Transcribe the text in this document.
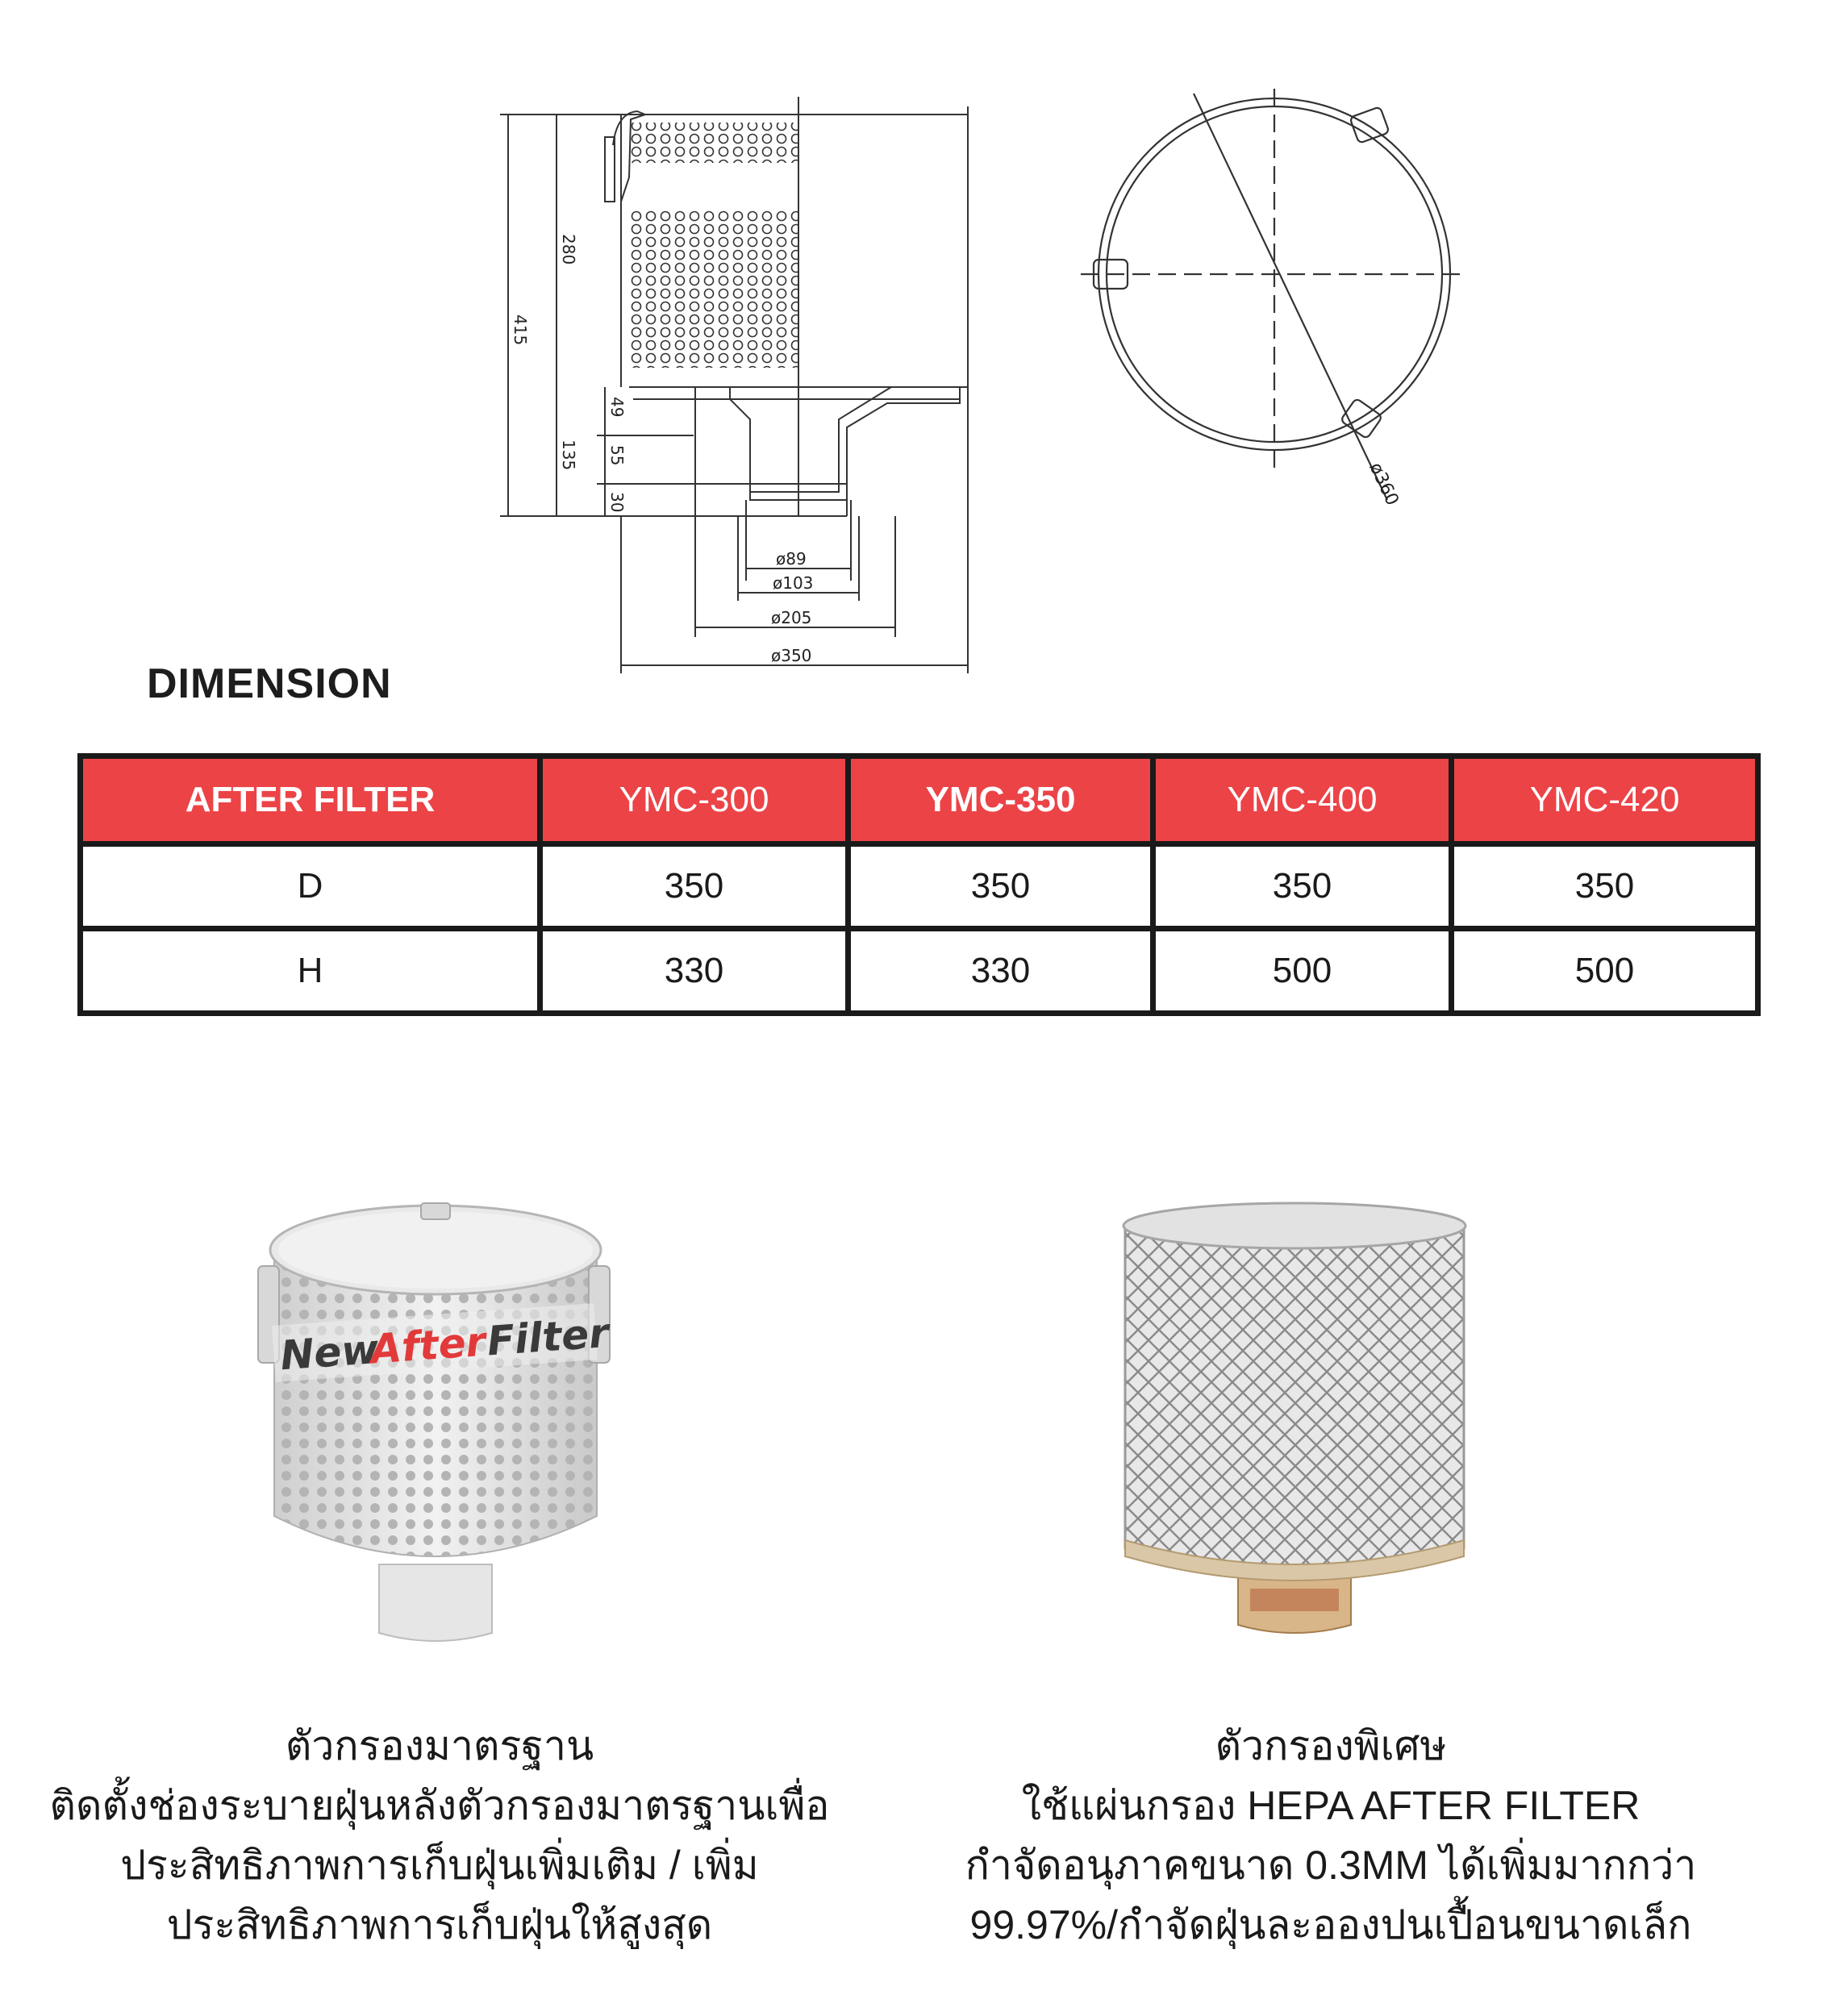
415
280
135
49
55
30
ø89
ø103
ø205
ø350
ø360
DIMENSION
AFTER FILTER	YMC-300	YMC-350	YMC-400	YMC-420
D	350	350	350	350
H	330	330	500	500
New
After
Filter
ตัวกรองมาตรฐาน
ติดตั้งช่องระบายฝุ่นหลังตัวกรองมาตรฐานเพื่อ
ประสิทธิภาพการเก็บฝุ่นเพิ่มเติม / เพิ่ม
ประสิทธิภาพการเก็บฝุ่นให้สูงสุด
ตัวกรองพิเศษ
ใช้แผ่นกรอง HEPA AFTER FILTER
กำจัดอนุภาคขนาด 0.3MM ได้เพิ่มมากกว่า
99.97%/กำจัดฝุ่นละอองปนเปื้อนขนาดเล็ก
